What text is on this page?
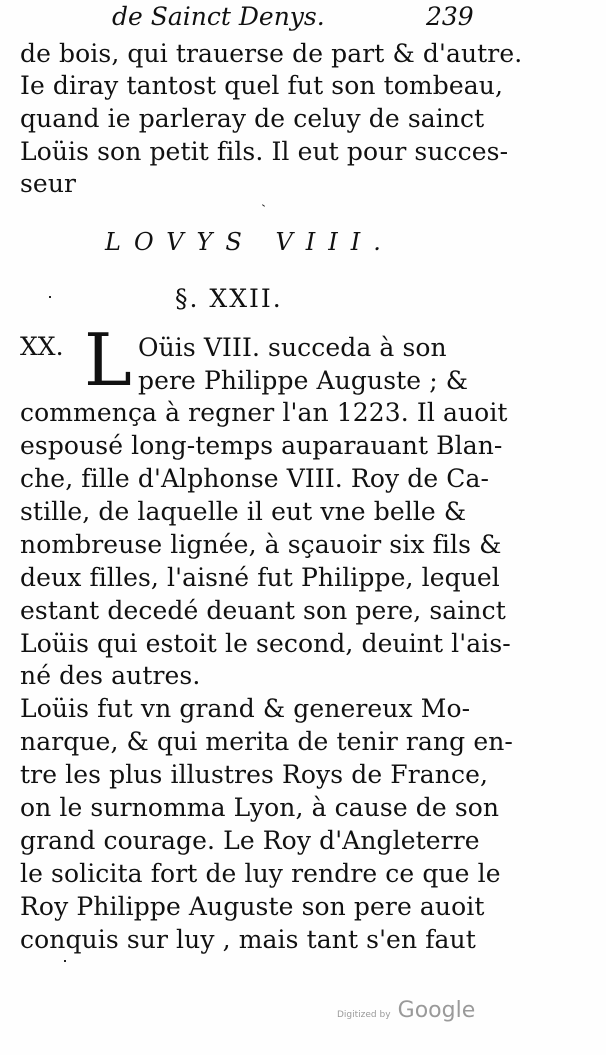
de Sainct Denys.	239
de bois, qui trauerse de part & d'autre.
Ie diray tantost quel fut son tombeau,
quand ie parleray de celuy de sainct
Loüis son petit fils. Il eut pour succes-
seur
LOVYS VIII.
§. XXII.
XX. L Oüis VIII. succeda à son
pere Philippe Auguste ; &
commença à regner l'an 1223. Il auoit
espousé long-temps auparauant Blan-
che, fille d'Alphonse VIII. Roy de Ca-
stille, de laquelle il eut vne belle &
nombreuse lignée, à sçauoir six fils &
deux filles, l'aisné fut Philippe, lequel
estant decedé deuant son pere, sainct
Loüis qui estoit le second, deuint l'ais-
né des autres.
Loüis fut vn grand & genereux Mo-
narque, & qui merita de tenir rang en-
tre les plus illustres Roys de France,
on le surnomma Lyon, à cause de son
grand courage. Le Roy d'Angleterre
le solicita fort de luy rendre ce que le
Roy Philippe Auguste son pere auoit
conquis sur luy , mais tant s'en faut
Digitized by Google
